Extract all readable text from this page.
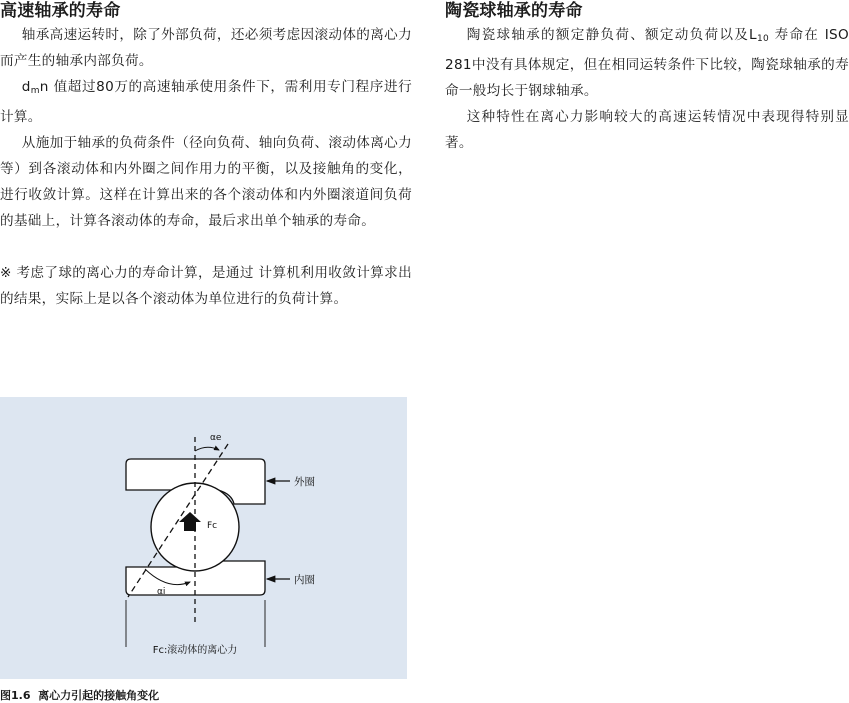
高速轴承的寿命

轴承高速运转时，除了外部负荷，还必须考虑因滚动体的离心力而产生的轴承内部负荷。

$d_mn$ 值超过80万的高速轴承使用条件下，需利用专门程序进行计算。

从施加于轴承的负荷条件（径向负荷、轴向负荷、滚动体离心力等）到各滚动体和内外圈之间作用力的平衡，以及接触角的变化，进行收敛计算。这样在计算出来的各个滚动体和内外圈滚道间负荷的基础上，计算各滚动体的寿命，最后求出单个轴承的寿命。

※ 考虑了球的离心力的寿命计算，是通过 计算机利用收敛计算求出的结果，实际上是以各个滚动体为单位进行的负荷计算。

陶瓷球轴承的寿命

陶瓷球轴承的额定静负荷、额定动负荷以及$L_{10}$ 寿命在 ISO 281中没有具体规定，但在相同运转条件下比较，陶瓷球轴承的寿命一般均长于钢球轴承。

这种特性在离心力影响较大的高速运转情况中表现得特别显著。

αe
αi
Fc
外圈
内圈
Fc:滚动体的离心力
图1.6 离心力引起的接触角变化
